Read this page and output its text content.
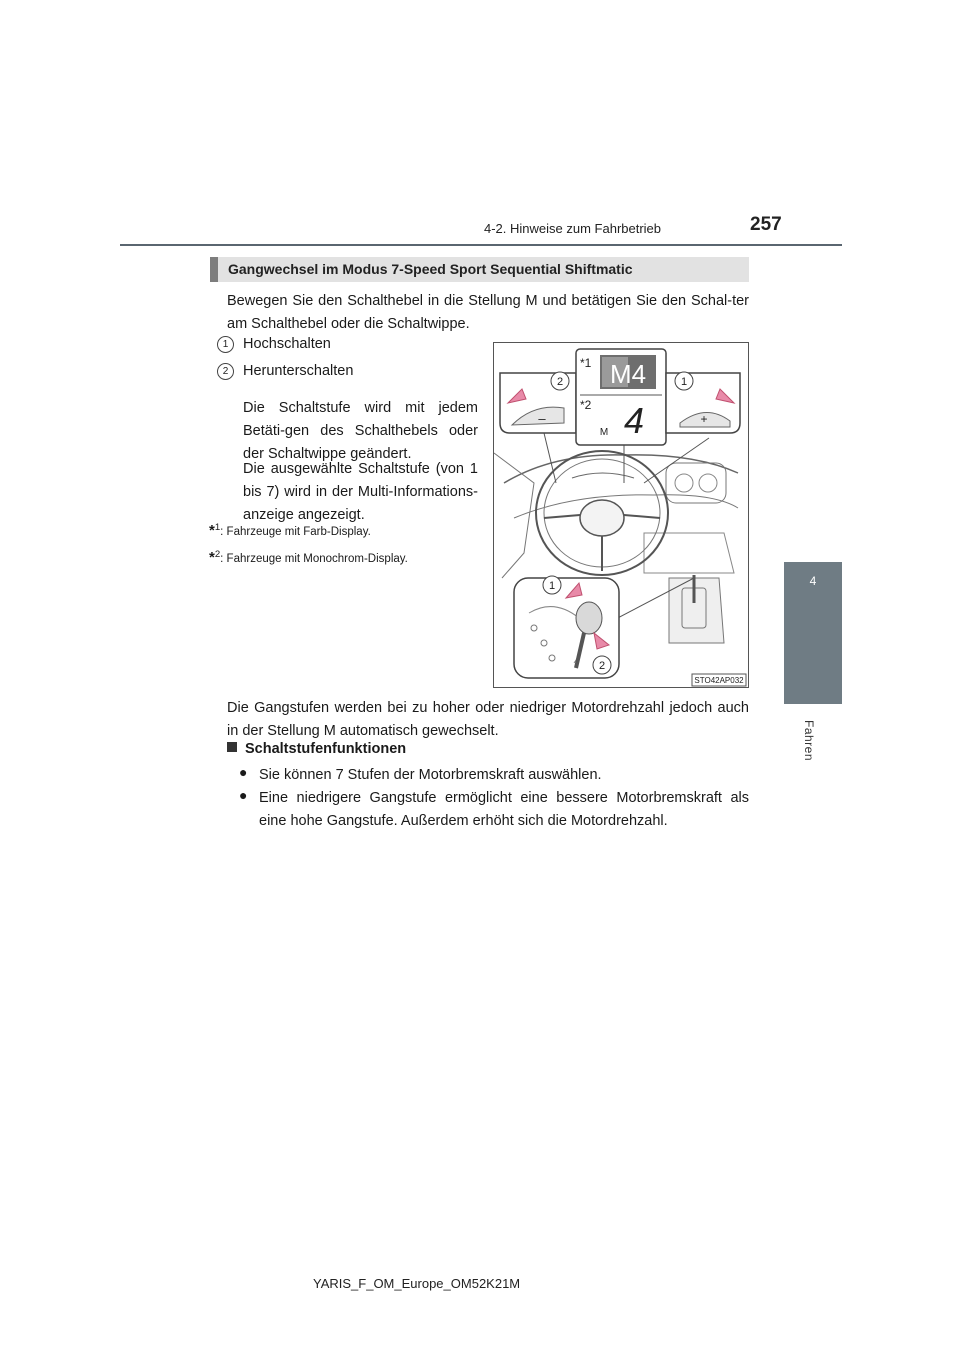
4-2. Hinweise zum Fahrbetrieb	257
4
Fahren
Gangwechsel im Modus 7-Speed Sport Sequential Shiftmatic
Bewegen Sie den Schalthebel in die Stellung M und betätigen Sie den Schal-ter am Schalthebel oder die Schaltwippe.
1	Hochschalten
2	Herunterschalten
Die Schaltstufe wird mit jedem Betäti-gen des Schalthebels oder der Schaltwippe geändert.
Die ausgewählte Schaltstufe (von 1 bis 7) wird in der Multi-Informations-anzeige angezeigt.
*$^1$: Fahrzeuge mit Farb-Display.
*$^2$: Fahrzeuge mit Monochrom-Display.
1
2
–
2
*1 M4
*2 4
M
+
1
STO42AP032
Die Gangstufen werden bei zu hoher oder niedriger Motordrehzahl jedoch auch in der Stellung M automatisch gewechselt.
Schaltstufenfunktionen
● Sie können 7 Stufen der Motorbremskraft auswählen.
● Eine niedrigere Gangstufe ermöglicht eine bessere Motorbremskraft als eine hohe Gangstufe. Außerdem erhöht sich die Motordrehzahl.
YARIS_F_OM_Europe_OM52K21M
